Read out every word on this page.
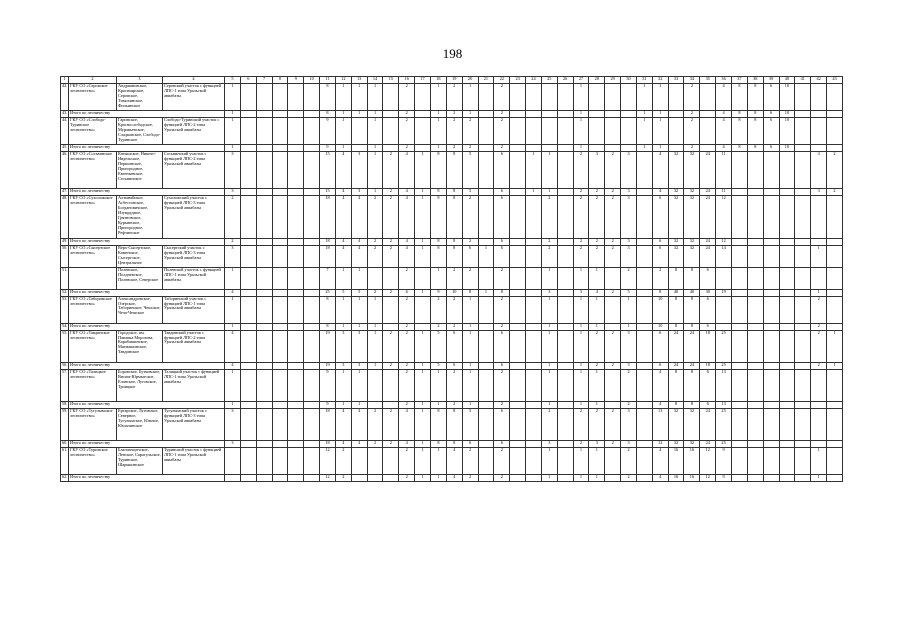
198
1	2	3	4	5	6	7	8	9	10	11	12	13	14	15	16	17	18	19	20	21	22	23	24	25	26	27	28	29	30	31	32	33	34	35	36	37	38	39	40	41	42	43
42.	ГКУ СО «Серовское лесничество»	Андриановское, Красноярское, Серовское, Тимохинское, Фильинское	Серовский участок с функцией ЛПС-1 типа Уральской авиабазы	1						8	1	1	1		2		1	2	1		2					1				1	1		2		4	8	8	6	10			
43.	Итого по лесничеству			1						8	1	1	1		2		1	2	1		2					1				1	1		2		4	8	8	6	10			
44.	ГКУ СО «Слободо-Туринское лесничество»	Гаринское, Краснослободское, Муравьевское, Сладковское, Слободо-Туринское	Слободо-Туринский участок с функцией ЛПС-2 типа Уральской авиабазы	1						9	1		1		2		1	2	2		2					1				1	1		2		4	8	8	6	10			
45.	Итого по лесничеству			1						9	1		1		2		1	2	2		2					1				1	1		2		4	8	8	6	10			
46.	ГКУ СО «Сосьвинское лесничество»	Катышское, Никито-Ивдельское, Першинское, Пригородное, Евгеньевское, Сосьвинское	Сосьвинский участок с функцией ЛПС-2 типа Уральской авиабазы	3						15	4	3	1	2	4	1	8	8	5		6		1	1		2	3	2	3		4	32	32	24	11						3	2
47.	Итого по лесничеству			3						15	4	3	1	2	4	1	8	8	5		6		1	1		2	2	2	3		4	32	32	24	11						3	2
48.	ГКУ СО «Сухоложское лесничество»	Алтынайское, Асбестовское, Богдановичское, Изумрудное, Грязновское, Курьинское, Пригородное, Рефтинское	Сухоложский участок с функцией ЛПС-3 типа Уральской авиабазы	2						18	4	4	2	2	4	1	8	8	2		6			2		2	2	2	3		6	32	32	24	12							
49.	Итого по лесничеству			2						18	4	4	2	2	4	1	8	8	2		6			2		2	2	2	3		6	32	32	24	12							
50.	ГКУ СО «Сысертское лесничество»	Верх-Сысертское, Каменское, Сысертское, Центральное	Сысертский участок с функцией ЛПС-3 типа Уральской авиабазы	3						18	4	4	2	2	4	1	8	8	6	1	6			2		2	2	2	3		6	32	32	24	14						1	
51.		Полевское, Полдневское, Полевское, Северское	Полевской участок с функцией ЛПС-1 типа Уральской авиабазы	1						7	1	1			2		1	2	2		2			1		1	1		2		2	8	8	6								
52.	Итого по лесничеству			4						25	5	5	2	2	6	1	9	10	8	1	8			3		3	4	2	5		8	40	40	30	19						1	
53.	ГКУ СО «Таборинское лесничество»	Александровское, Озерское, Таборинское, Чешское, Чеча-Чешское	Таборинский участок с функцией ЛПС-1 типа Уральской авиабазы	1						8	1	1	1		2		2	2	1		2			1		1	1		1		10	8	8	6							2	
54.	Итого по лесничеству			1						8	1	1	1		2		2	2	1		2			1		1	1		1		10	8	8	6							2	
55.	ГКУ СО «Тавдинское лесничество»	Городское, им. Павлика Морозова, Карабашинское, Мягмашинское, Тавдинское	Тавдинский участок с функцией ЛПС-2 типа Уральской авиабазы	4						19	3	3	1	2	2	1	5	6	1		6			1		1	2	2	3		6	24	24	18	25						2	1
56.	Итого по лесничеству			4						19	3	3	1	2	2	1	5	6	1		6			1		1	2	2	3		6	24	24	18	25						2	1
57.	ГКУ СО «Талицкое лесничество»	Боровское, Бутковское, Висим-Юрмытское, Еланское, Луговское, Троицкое	Талицкий участок с функцией ЛПС-1 типа Уральской авиабазы	1						9	1	1			2	1	1	2	1		2			1		1	1		2		4	8	8	6	13							
58.	Итого по лесничеству			1						9	1	1			2	1	1	2	1		2			1		1	1		2		4	8	8	6	13							
59.	ГКУ СО «Тугулымское лесничество»	Ертарское, Луговское, Северное, Тугулымское, Южное, Юшалинское	Тугулымский участок с функцией ЛПС-3 типа Уральской авиабазы	3						18	4	4	2	2	4	1	8	8	5		6			2		2	2	2	3		13	32	32	24	25							
60.	Итого по лесничеству			3						18	4	4	2	2	4	1	8	8	6		6			3		2	3	2	3		12	32	32	24	25							
61.	ГКУ СО «Туринское лесничество»	Благовещенское, Ленское, Сарагульское, Туринское, Шарыкинское	Туринский участок с функцией ЛПС-1 типа Уральской авиабазы							12	2				2	1	1	4	2		2			1		1	1		2		4	16	16	12	9						1	
62.	Итого по лесничеству									12	2				2	1	1	4	2		2			1		1	1		2		4	16	16	12	9						1	
